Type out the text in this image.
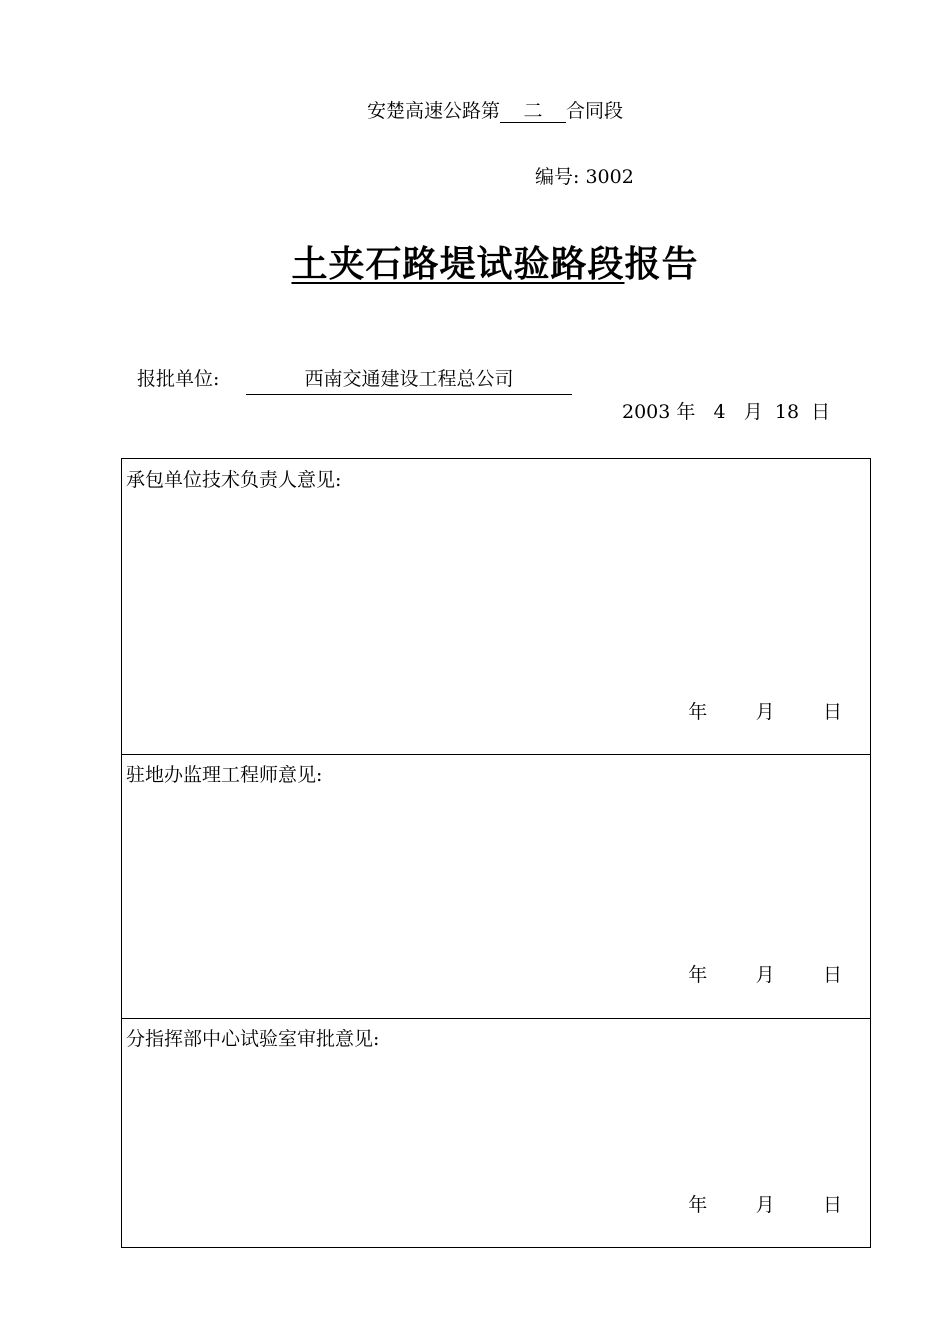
安楚高速公路第 二 合同段
编号: 3002
土夹石路堤试验路段报告
报批单位:	西南交通建设工程总公司
2003 年 4 月 18 日
承包单位技术负责人意见:
年	月	日
驻地办监理工程师意见:
年	月	日
分指挥部中心试验室审批意见:
年	月	日
